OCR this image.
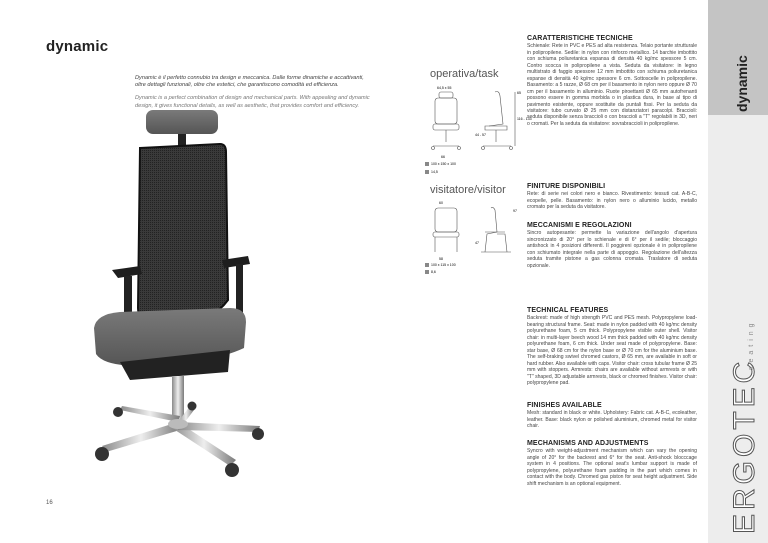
dynamic

Dynamic è il perfetto connubio tra design e meccanica. Dalle forme dinamiche e accattivanti, oltre dettagli funzionali, oltre che estetici, che garantiscono comodità ed efficienza.

Dynamic is a perfect combination of design and mechanical parts. With appealing and dynamic design, it gives functional details, as well as aesthetic, that provides comfort and efficiency.

16
operativa/task
64,5 x 55
65
116 - 133
44 - 57
66
100 x 150 x 100
14,5
visitatore/visitor
60
97
47
58
100 x 115 x 100
8,6
CARATTERISTICHE TECNICHE

Schienale: Rete in PVC e PES ad alta resistenza. Telaio portante strutturale in polipropilene. Sedile: in nylon con rinforzo metallico. 14 barchie imbottito con schiuma poliuretanica espansa di densità 40 kg/mc spessore 5 cm. Contro scocca in polipropilene a vista. Seduta da visitatore: in legno multistrato di faggio spessore 12 mm imbottito con schiuma poliuretanica espanse di densità 40 kg/mc spessore 6 cm. Sottoscelle in polipropilene. Basamento: a 5 razze, Ø 68 cm per il basamento in nylon nero oppure Ø 70 cm per il basamento in alluminio. Ruote piroettanti Ø 65 mm autofrenanti possono essere in gomma morbida o in plastica dura, in base al tipo di pavimento esistente, oppure sostituite da puntali fissi. Per la seduta da visitatore: tubo curvato Ø 25 mm con distanziatori paracolpi. Braccioli: seduta disponibile senza braccioli o con braccioli a "T" regolabili in 3D, neri o cromati. Per la seduta da visitatore: sovrabraccioli in polipropilene.

FINITURE DISPONIBILI

Rete: di serie nei colori nero e bianco. Rivestimento: tessuti cat. A-B-C, ecopelle, pelle. Basamento: in nylon nero o alluminio lucido, metallo cromato per la seduta da visitatore.

MECCANISMI E REGOLAZIONI

Sincro autopesante: permette la variazione dell'angolo d'apertura sincronizzato di 20° per lo schienale e di 6° per il sedile; bloccaggio antishock in 4 posizioni differenti. Il poggireni opzionale è in polipropilene con schiumato integrale nella parte di appoggio. Regolazione dell'altezza seduta tramite pistone a gas colonna cromata. Traslatore di seduta opzionale.

TECHNICAL FEATURES

Backrest: made of high strength PVC and PES mesh. Polypropylene load-bearing structural frame. Seat: made in nylon padded with 40 kg/mc density polyurethane foam, 5 cm thick. Polypropylene visible outer shell. Visitor chair: in multi-layer beech wood 14 mm thick padded with 40 kg/mc density polyurethane foam, 6 cm thick. Under seat made of polypropylene. Base: star base, Ø 68 cm for the nylon base or Ø 70 cm for the aluminium base. The self-braking swivel chromed castors, Ø 65 mm, are available in soft or hard rubber. Also available with caps. Visitor chair: cross tubular frame Ø 25 mm with stoppers. Armrests: chairs are available without armrests or with "T" shaped, 3D adjustable armrests, black or chromed finishes. Visitor chair: polypropylene pad.

FINISHES AVAILABLE

Mesh: standard in black or white. Upholstery: Fabric cat. A-B-C, ecoleather, leather. Base: black nylon or polished aluminium, chromed metal for visitor chair.

MECHANISMS AND ADJUSTMENTS

Syncro with weight-adjustment mechanism which can vary the opening angle of 20° for the backrest and 6° for the seat. Anti-shock blocccage system in 4 positions. The optional seat's lumbar support is made of polypropylene, polyurethane foam padding in the part which comes in contact with the body. Chromed gas piston for seat height adjustment. Side shift mechanism is an optional equipment.

dynamic
ERGOTEC
seating
